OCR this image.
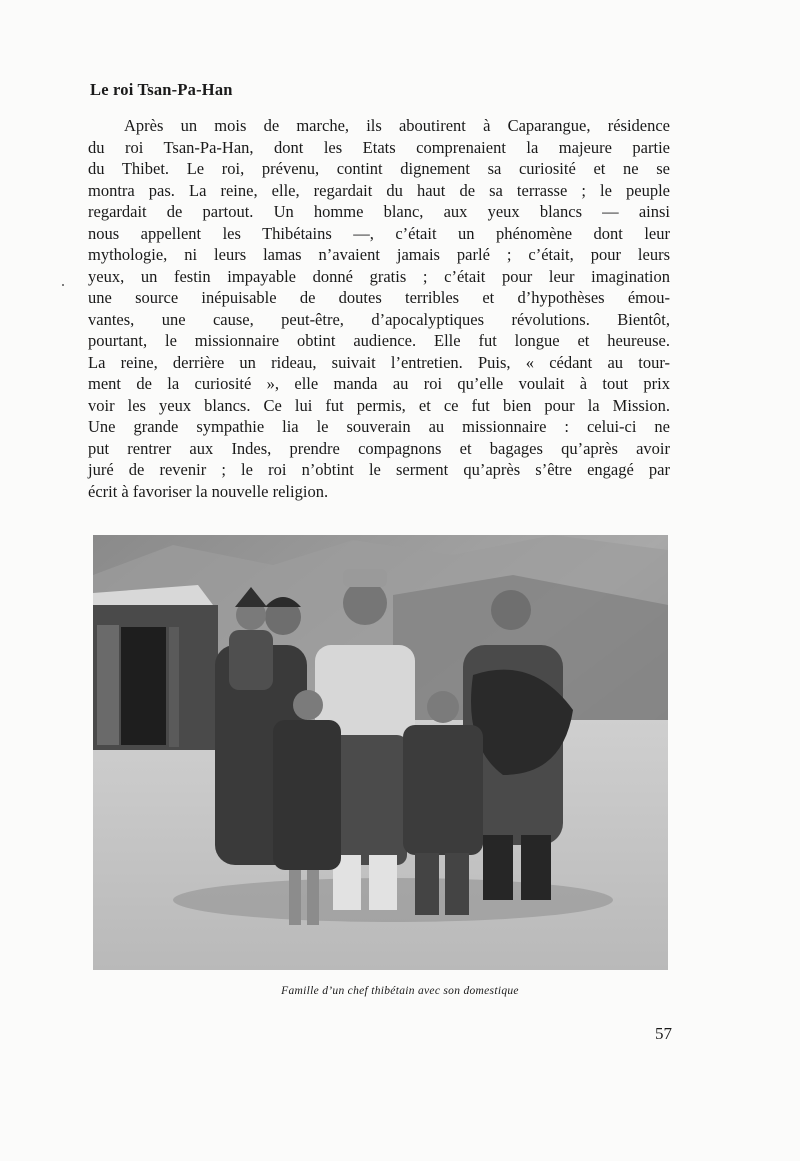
Le roi Tsan-Pa-Han
Après un mois de marche, ils aboutirent à Caparangue, résidence
du roi Tsan-Pa-Han, dont les Etats comprenaient la majeure partie
du Thibet. Le roi, prévenu, contint dignement sa curiosité et ne se
montra pas. La reine, elle, regardait du haut de sa terrasse ; le peuple
regardait de partout. Un homme blanc, aux yeux blancs — ainsi
nous appellent les Thibétains —, c’était un phénomène dont leur
mythologie, ni leurs lamas n’avaient jamais parlé ; c’était, pour leurs
yeux, un festin impayable donné gratis ; c’était pour leur imagination
une source inépuisable de doutes terribles et d’hypothèses émou-
vantes, une cause, peut-être, d’apocalyptiques révolutions. Bientôt,
pourtant, le missionnaire obtint audience. Elle fut longue et heureuse.
La reine, derrière un rideau, suivait l’entretien. Puis, « cédant au tour-
ment de la curiosité », elle manda au roi qu’elle voulait à tout prix
voir les yeux blancs. Ce lui fut permis, et ce fut bien pour la Mission.
Une grande sympathie lia le souverain au missionnaire : celui-ci ne
put rentrer aux Indes, prendre compagnons et bagages qu’après avoir
juré de revenir ; le roi n’obtint le serment qu’après s’être engagé par
écrit à favoriser la nouvelle religion.
Famille d’un chef thibétain avec son domestique
57
